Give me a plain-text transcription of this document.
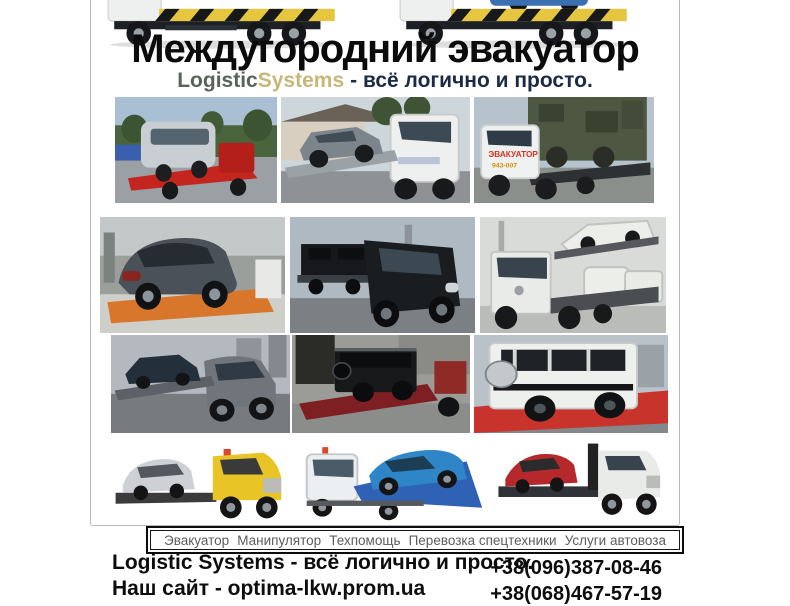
Междугородний эвакуатор
LogisticSystems - всё логично и просто.
ЭВАКУАТОР
943-007
Эвакуатор Манипулятор Техпомощь Перевозка спецтехники Услуги автовоза
Logistic Systems - всё логично и просто.
Наш сайт - optima-lkw.prom.ua
+38(096)387-08-46
+38(068)467-57-19
